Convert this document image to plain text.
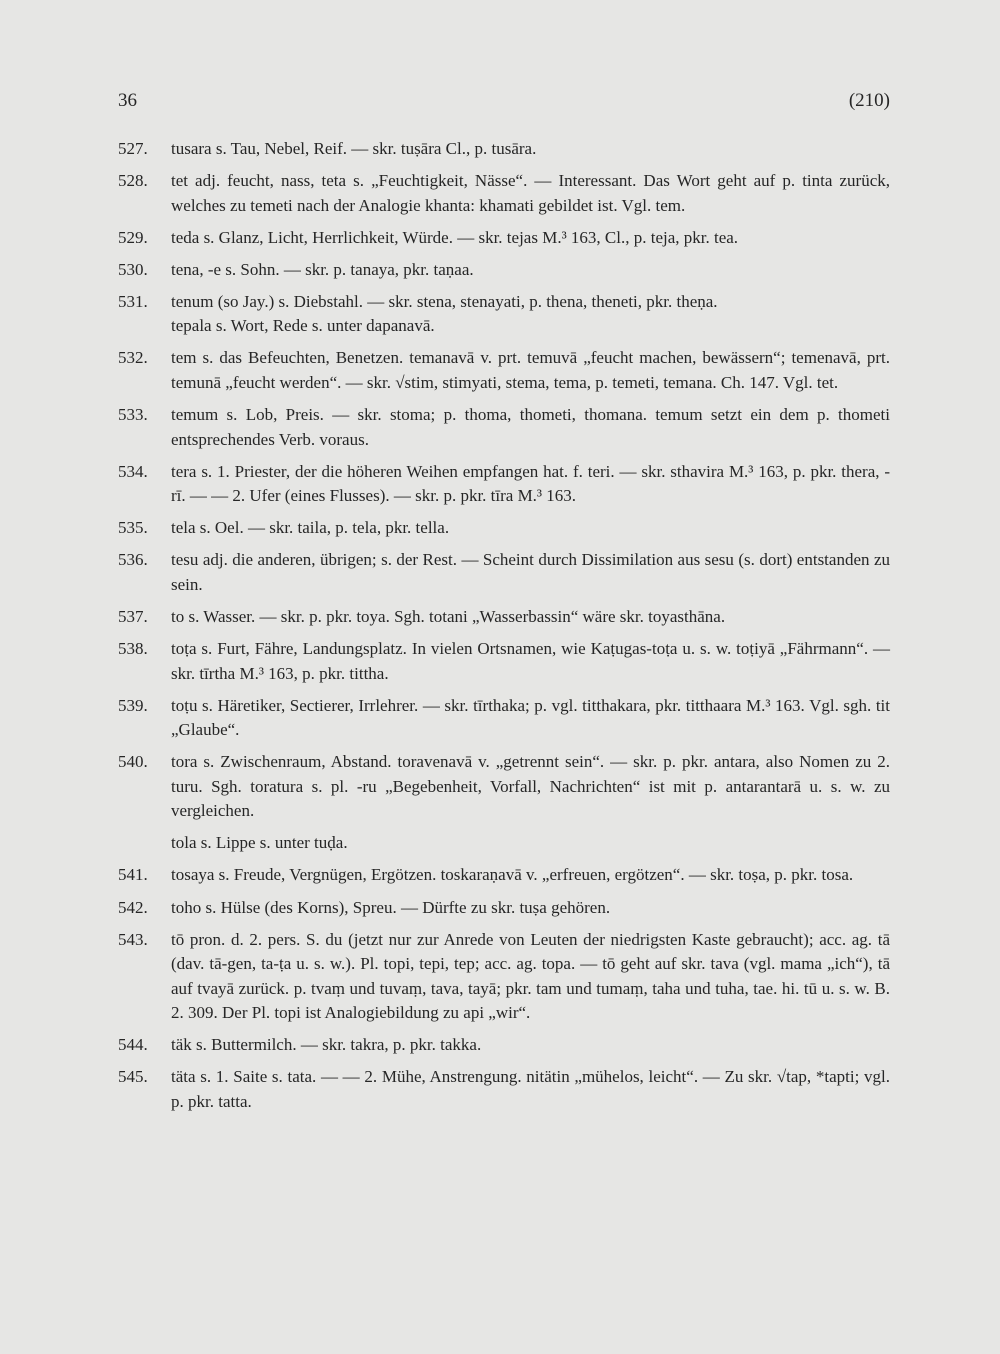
36	(210)
527.	tusara s. Tau, Nebel, Reif. — skr. tuṣāra Cl., p. tusāra.

528.	tet adj. feucht, nass, teta s. „Feuchtigkeit, Nässe“. — Interessant. Das Wort geht auf p. tinta zurück, welches zu temeti nach der Analogie khanta: khamati gebildet ist. Vgl. tem.

529.	teda s. Glanz, Licht, Herrlichkeit, Würde. — skr. tejas M.³ 163, Cl., p. teja, pkr. tea.

530.	tena, -e s. Sohn. — skr. p. tanaya, pkr. taṇaa.

531.	tenum (so Jay.) s. Diebstahl. — skr. stena, stenayati, p. thena, theneti, pkr. theṇa.

tepala s. Wort, Rede s. unter dapanavā.

532.	tem s. das Befeuchten, Benetzen. temanavā v. prt. temuvā „feucht machen, bewässern“; temenavā, prt. temunā „feucht werden“. — skr. √stim, stimyati, stema, tema, p. temeti, temana. Ch. 147. Vgl. tet.

533.	temum s. Lob, Preis. — skr. stoma; p. thoma, thometi, thomana. temum setzt ein dem p. thometi entsprechendes Verb. voraus.

534.	tera s. 1. Priester, der die höheren Weihen empfangen hat. f. teri. — skr. sthavira M.³ 163, p. pkr. thera, -rī. — — 2. Ufer (eines Flusses). — skr. p. pkr. tīra M.³ 163.

535.	tela s. Oel. — skr. taila, p. tela, pkr. tella.

536.	tesu adj. die anderen, übrigen; s. der Rest. — Scheint durch Dissimilation aus sesu (s. dort) entstanden zu sein.

537.	to s. Wasser. — skr. p. pkr. toya. Sgh. totani „Wasserbassin“ wäre skr. toyasthāna.

538.	toṭa s. Furt, Fähre, Landungsplatz. In vielen Ortsnamen, wie Kaṭugas-toṭa u. s. w. toṭiyā „Fährmann“. — skr. tīrtha M.³ 163, p. pkr. tittha.

539.	toṭu s. Häretiker, Sectierer, Irrlehrer. — skr. tīrthaka; p. vgl. titthakara, pkr. titthaara M.³ 163. Vgl. sgh. tit „Glaube“.

540.	tora s. Zwischenraum, Abstand. toravenavā v. „getrennt sein“. — skr. p. pkr. antara, also Nomen zu 2. turu. Sgh. toratura s. pl. -ru „Begebenheit, Vorfall, Nachrichten“ ist mit p. antarantarā u. s. w. zu vergleichen.

tola s. Lippe s. unter tuḍa.

541.	tosaya s. Freude, Vergnügen, Ergötzen. toskaraṇavā v. „erfreuen, ergötzen“. — skr. toṣa, p. pkr. tosa.

542.	toho s. Hülse (des Korns), Spreu. — Dürfte zu skr. tuṣa gehören.

543.	tō pron. d. 2. pers. S. du (jetzt nur zur Anrede von Leuten der niedrigsten Kaste gebraucht); acc. ag. tā (dav. tā-gen, ta-ṭa u. s. w.). Pl. topi, tepi, tep; acc. ag. topa. — tō geht auf skr. tava (vgl. mama „ich“), tā auf tvayā zurück. p. tvaṃ und tuvaṃ, tava, tayā; pkr. tam und tumaṃ, taha und tuha, tae. hi. tū u. s. w. B. 2. 309. Der Pl. topi ist Analogiebildung zu api „wir“.

544.	täk s. Buttermilch. — skr. takra, p. pkr. takka.

545.	täta s. 1. Saite s. tata. — — 2. Mühe, Anstrengung. nitätin „mühelos, leicht“. — Zu skr. √tap, *tapti; vgl. p. pkr. tatta.
